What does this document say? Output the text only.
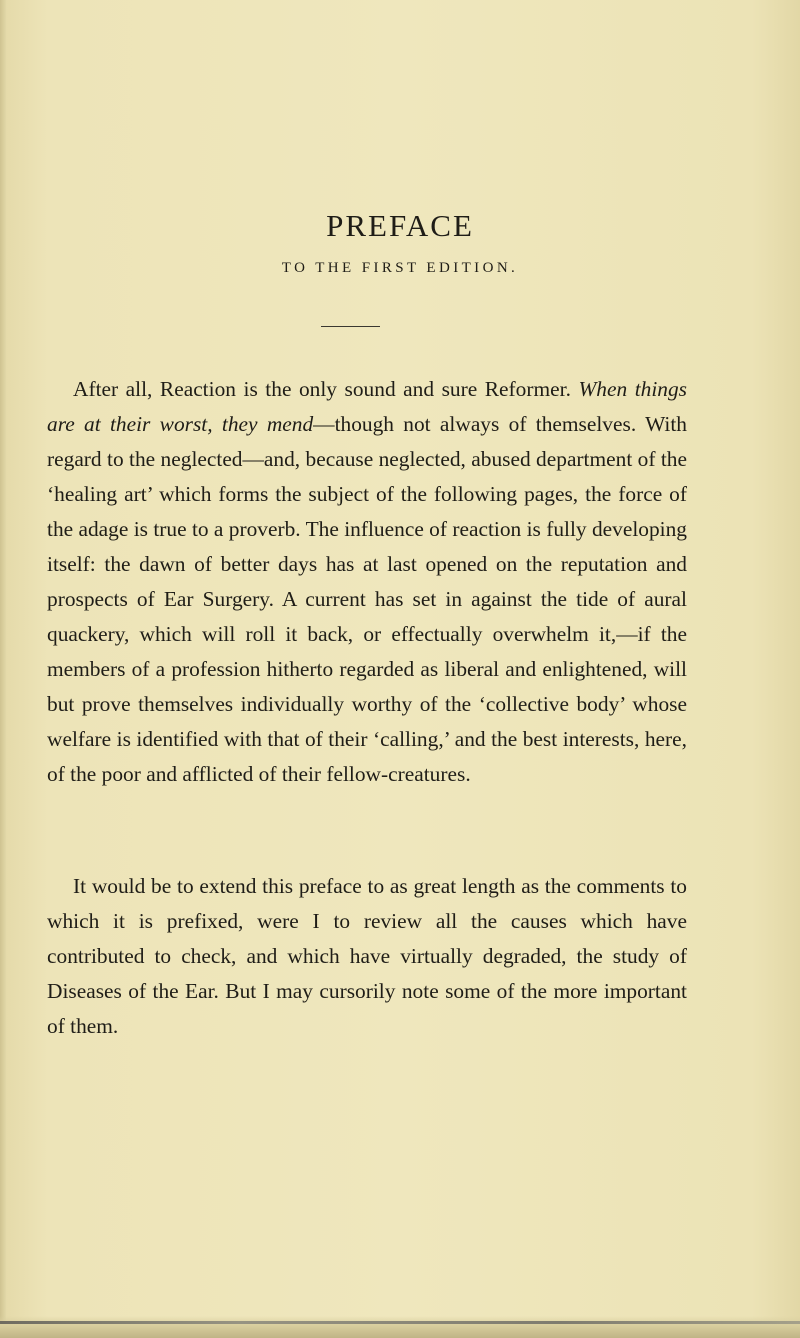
PREFACE
TO THE FIRST EDITION.

After all, Reaction is the only sound and sure Reformer. When things are at their worst, they mend—though not always of themselves. With regard to the neglected—and, because neglected, abused department of the ‘healing art’ which forms the subject of the following pages, the force of the adage is true to a proverb. The influence of reaction is fully developing itself: the dawn of better days has at last opened on the reputation and prospects of Ear Surgery. A current has set in against the tide of aural quackery, which will roll it back, or effectually overwhelm it,—if the members of a profession hitherto regarded as liberal and enlightened, will but prove themselves individually worthy of the ‘collective body’ whose welfare is identified with that of their ‘calling,’ and the best interests, here, of the poor and afflicted of their fellow-creatures.

It would be to extend this preface to as great length as the comments to which it is prefixed, were I to review all the causes which have contributed to check, and which have virtually degraded, the study of Diseases of the Ear. But I may cursorily note some of the more important of them.
